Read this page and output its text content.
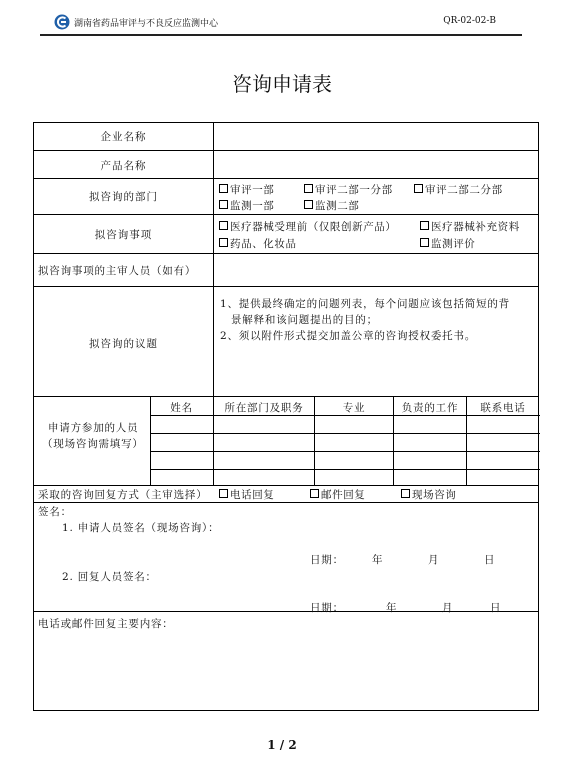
湖南省药品审评与不良反应监测中心	QR-02-02-B
咨询申请表
企业名称
产品名称
拟咨询的部门
审评一部	审评二部一分部	审评二部二分部
监测一部	监测二部
拟咨询事项
医疗器械受理前（仅限创新产品）	医疗器械补充资料
药品、化妆品	监测评价
拟咨询事项的主审人员（如有）
拟咨询的议题
1、提供最终确定的问题列表，每个问题应该包括简短的背
景解释和该问题提出的目的；
2、须以附件形式提交加盖公章的咨询授权委托书。
申请方参加的人员
（现场咨询需填写）
姓名	所在部门及职务	专业	负责的工作	联系电话
采取的咨询回复方式（主审选择）	电话回复	邮件回复	现场咨询
签名：
1. 申请人员签名（现场咨询）：
日期：	年	月	日
2. 回复人员签名：
日期：	年	月	日
电话或邮件回复主要内容：
1 / 2
